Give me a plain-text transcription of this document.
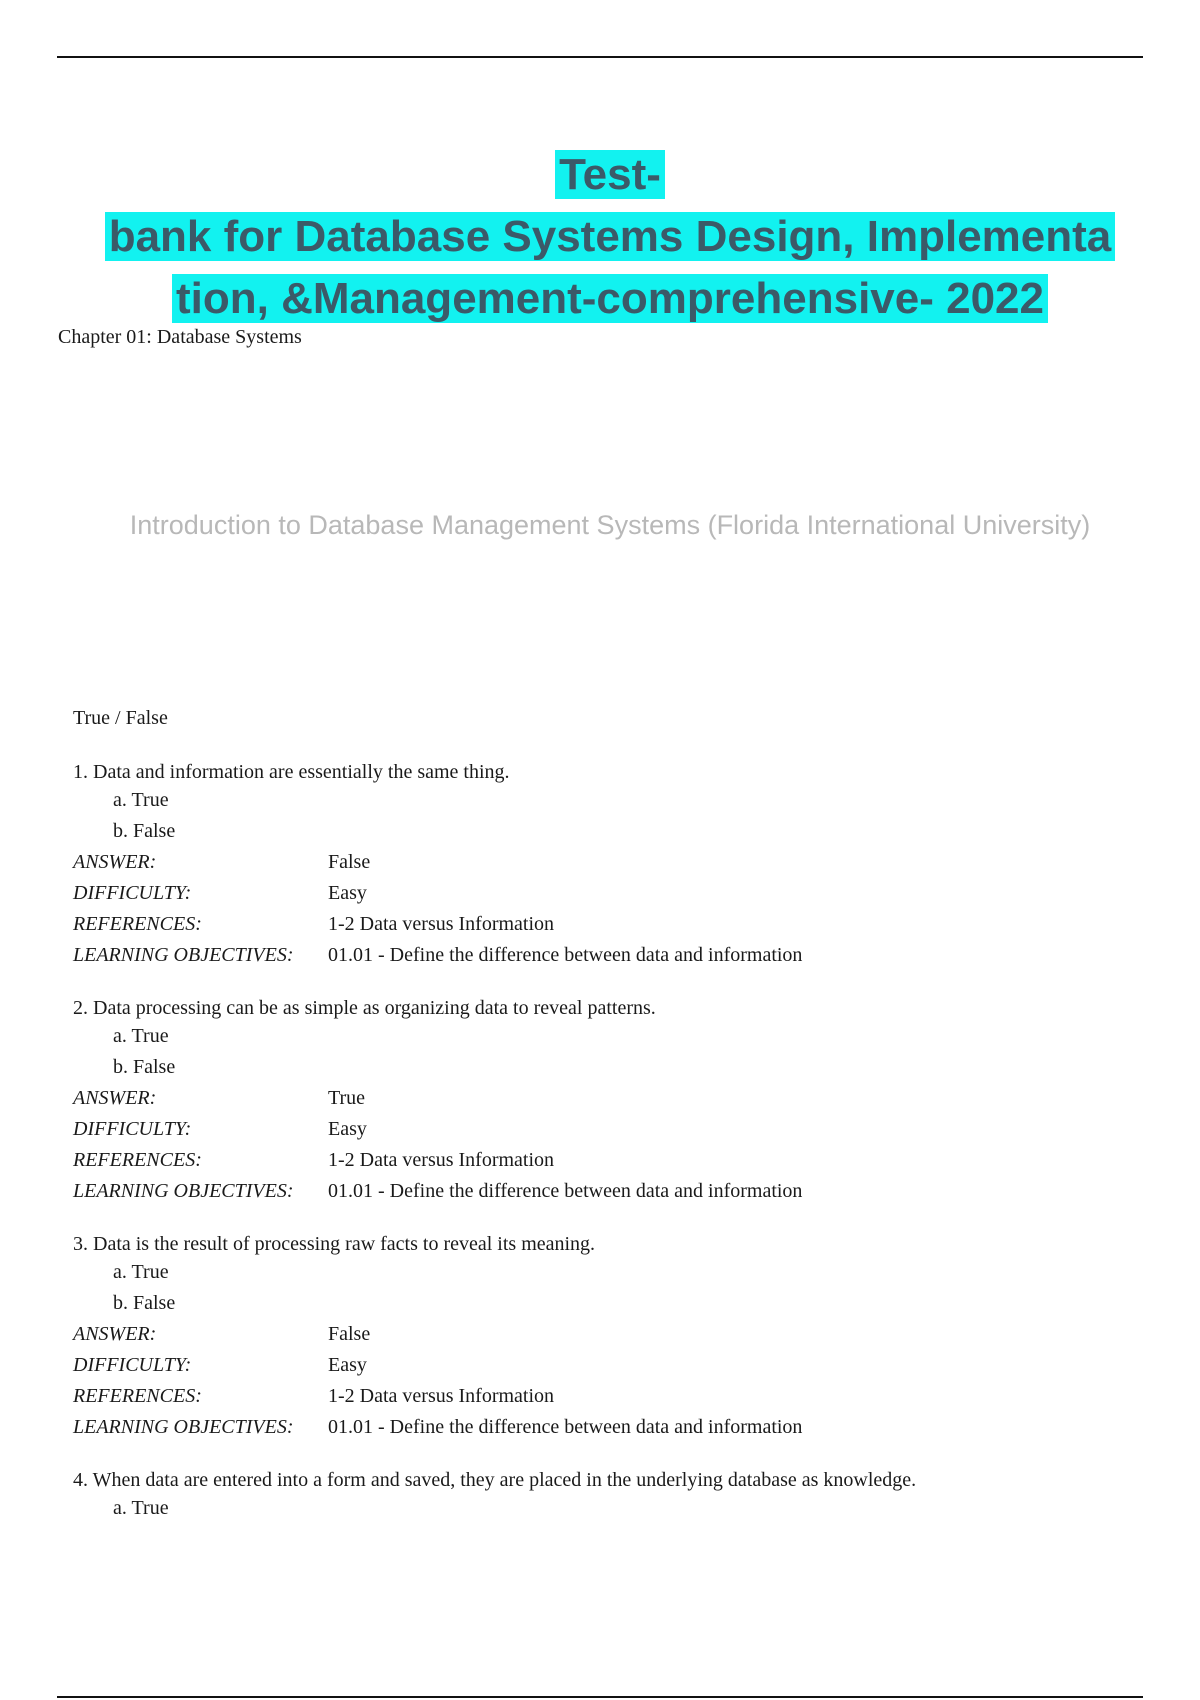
Test-
bank for Database Systems Design, Implementa
tion, &Management-comprehensive- 2022
Chapter 01: Database Systems
Introduction to Database Management Systems (Florida International University)
True / False
1. Data and information are essentially the same thing.
a. True
b. False
ANSWER:	False
DIFFICULTY:	Easy
REFERENCES:	1-2 Data versus Information
LEARNING OBJECTIVES:	01.01 - Define the difference between data and information
2. Data processing can be as simple as organizing data to reveal patterns.
a. True
b. False
ANSWER:	True
DIFFICULTY:	Easy
REFERENCES:	1-2 Data versus Information
LEARNING OBJECTIVES:	01.01 - Define the difference between data and information
3. Data is the result of processing raw facts to reveal its meaning.
a. True
b. False
ANSWER:	False
DIFFICULTY:	Easy
REFERENCES:	1-2 Data versus Information
LEARNING OBJECTIVES:	01.01 - Define the difference between data and information
4. When data are entered into a form and saved, they are placed in the underlying database as knowledge.
a. True
